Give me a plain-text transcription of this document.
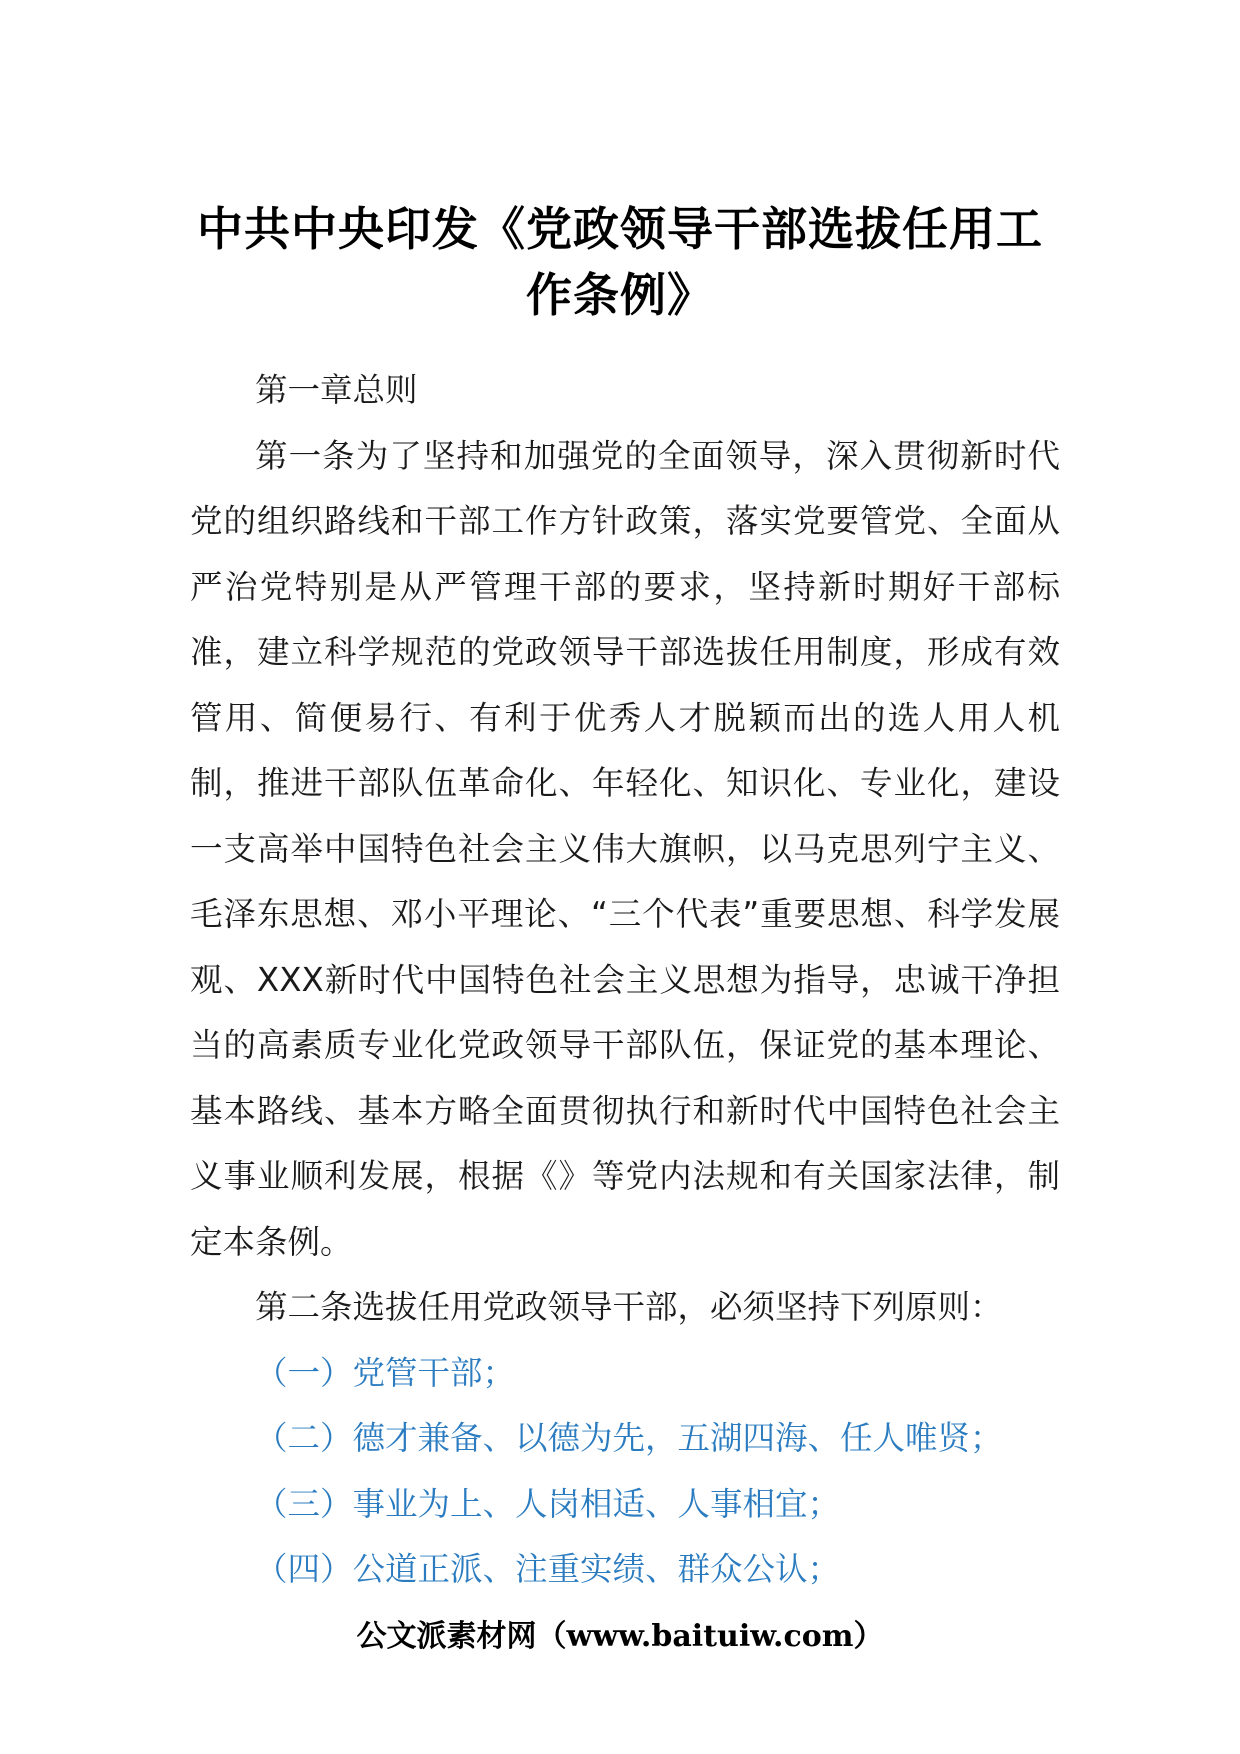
中共中央印发《党政领导干部选拔任用工作条例》

第一章总则

第一条为了坚持和加强党的全面领导，深入贯彻新时代党的组织路线和干部工作方针政策，落实党要管党、全面从严治党特别是从严管理干部的要求，坚持新时期好干部标准，建立科学规范的党政领导干部选拔任用制度，形成有效管用、简便易行、有利于优秀人才脱颖而出的选人用人机制，推进干部队伍革命化、年轻化、知识化、专业化，建设一支高举中国特色社会主义伟大旗帜，以马克思列宁主义、毛泽东思想、邓小平理论、“三个代表”重要思想、科学发展观、XXX新时代中国特色社会主义思想为指导，忠诚干净担当的高素质专业化党政领导干部队伍，保证党的基本理论、基本路线、基本方略全面贯彻执行和新时代中国特色社会主义事业顺利发展，根据《》等党内法规和有关国家法律，制定本条例。

第二条选拔任用党政领导干部，必须坚持下列原则：

（一）党管干部；

（二）德才兼备、以德为先，五湖四海、任人唯贤；

（三）事业为上、人岗相适、人事相宜；

（四）公道正派、注重实绩、群众公认；

公文派素材网（www.baituiw.com）
